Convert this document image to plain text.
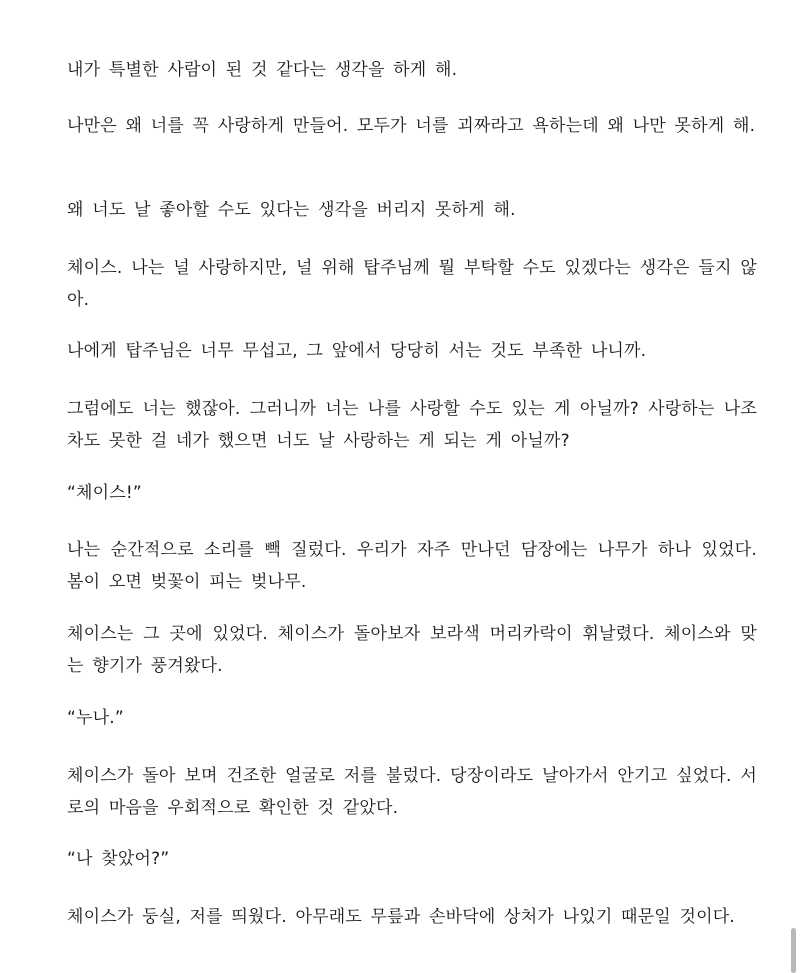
내가 특별한 사람이 된 것 같다는 생각을 하게 해.

나만은 왜 너를 꼭 사랑하게 만들어. 모두가 너를 괴짜라고 욕하는데 왜 나만 못하게 해.

왜 너도 날 좋아할 수도 있다는 생각을 버리지 못하게 해.

체이스. 나는 널 사랑하지만, 널 위해 탑주님께 뭘 부탁할 수도 있겠다는 생각은 들지 않아.

나에게 탑주님은 너무 무섭고, 그 앞에서 당당히 서는 것도 부족한 나니까.

그럼에도 너는 했잖아. 그러니까 너는 나를 사랑할 수도 있는 게 아닐까? 사랑하는 나조차도 못한 걸 네가 했으면 너도 날 사랑하는 게 되는 게 아닐까?

“체이스!”

나는 순간적으로 소리를 빽 질렀다. 우리가 자주 만나던 담장에는 나무가 하나 있었다. 봄이 오면 벚꽃이 피는 벚나무.

체이스는 그 곳에 있었다. 체이스가 돌아보자 보라색 머리카락이 휘날렸다. 체이스와 맞는 향기가 풍겨왔다.

“누나.”

체이스가 돌아 보며 건조한 얼굴로 저를 불렀다. 당장이라도 날아가서 안기고 싶었다. 서로의 마음을 우회적으로 확인한 것 같았다.

“나 찾았어?”

체이스가 둥실, 저를 띄웠다. 아무래도 무릎과 손바닥에 상처가 나있기 때문일 것이다.
